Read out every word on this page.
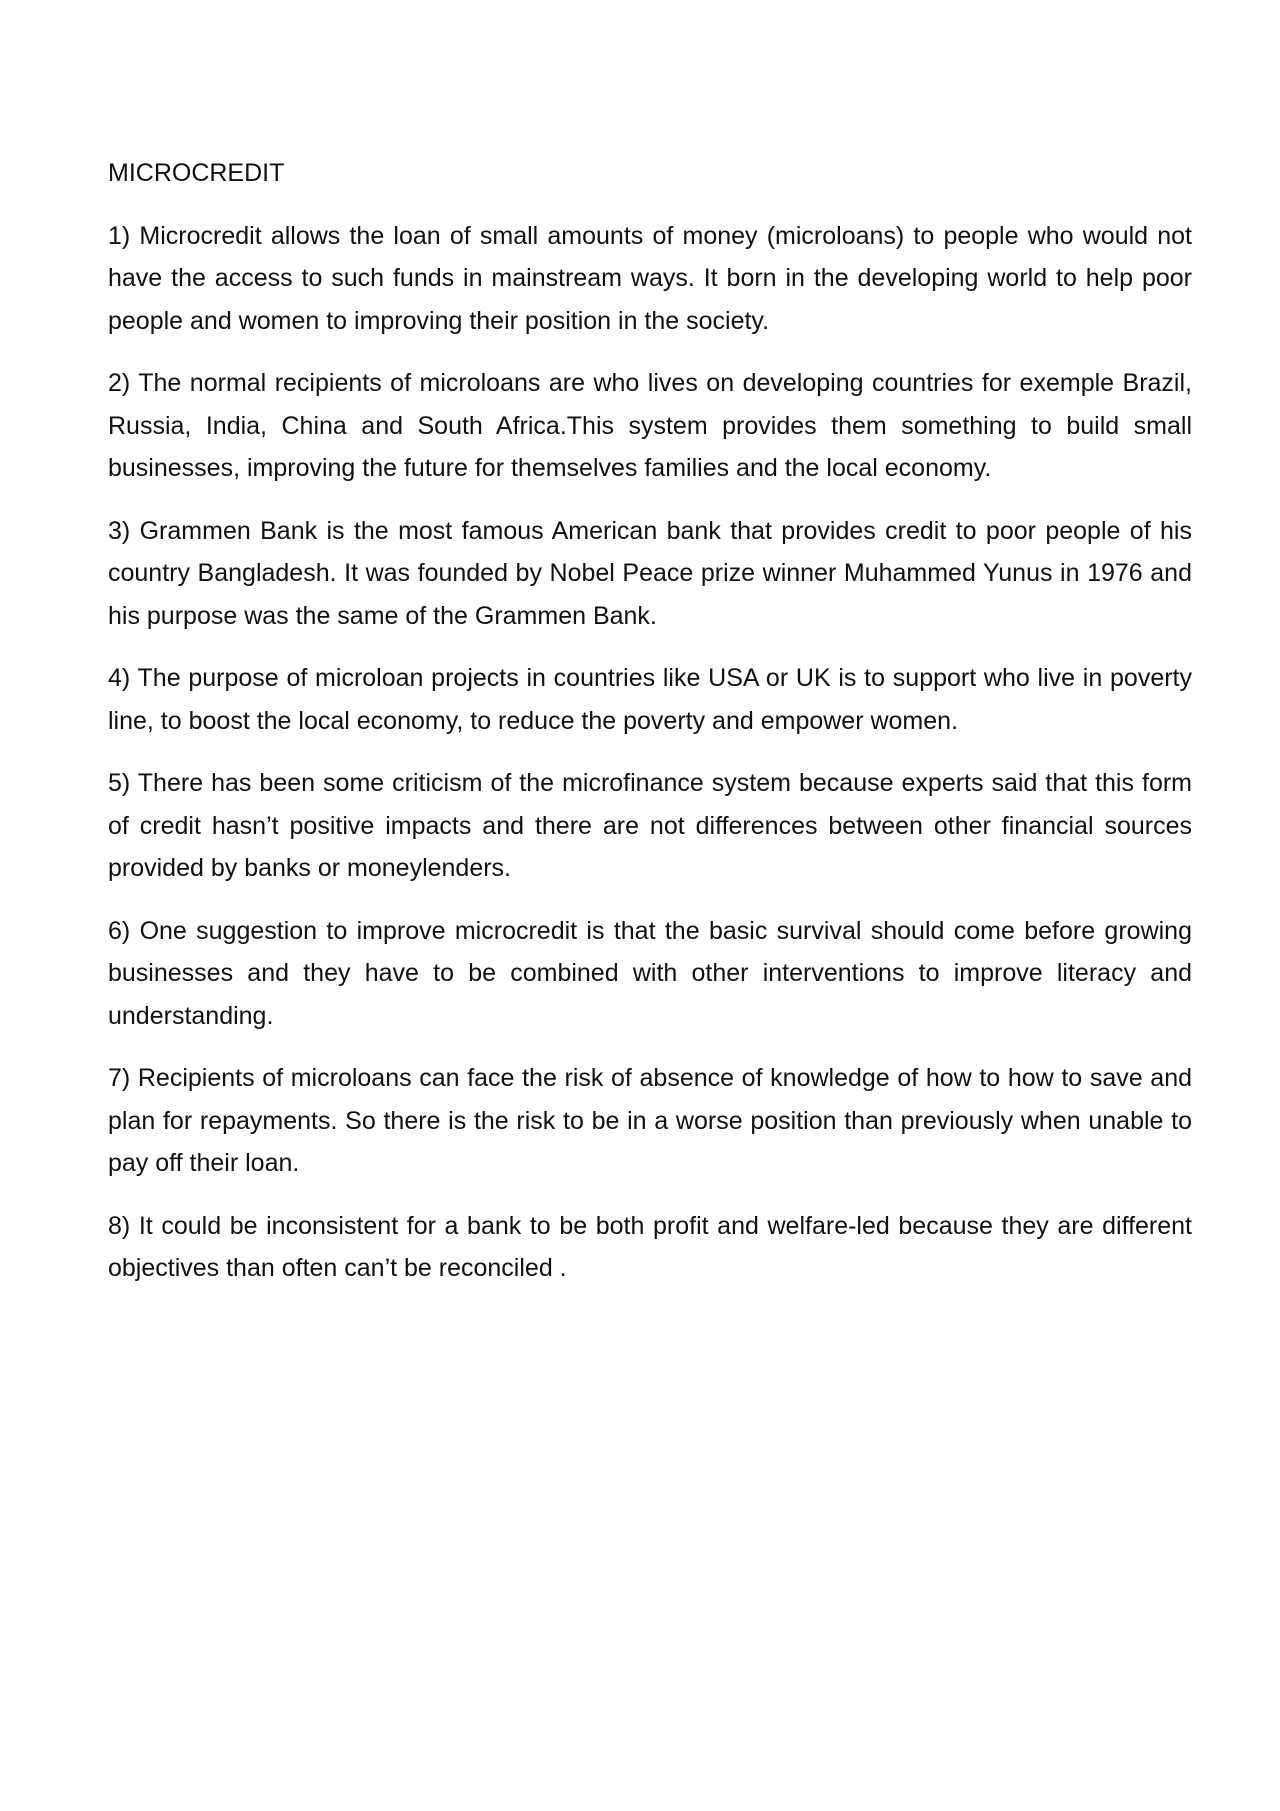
MICROCREDIT

1) Microcredit allows the loan of small amounts of money (microloans) to people who would not have the access to such funds in mainstream ways. It born in the developing world to help poor people and women to improving their position in the society.

2) The normal recipients of microloans are who lives on developing countries for exemple Brazil, Russia, India, China and South Africa.This system provides them something to build small businesses, improving the future for themselves families and the local economy.

3) Grammen Bank is the most famous American bank that provides credit to poor people of his country Bangladesh. It was founded by Nobel Peace prize winner Muhammed Yunus in 1976 and his purpose was the same of the Grammen Bank.

4) The purpose of microloan projects in countries like USA or UK is to support who live in poverty line, to boost the local economy, to reduce the poverty and empower women.

5) There has been some criticism of the microfinance system because experts said that this form of credit hasn’t positive impacts and there are not differences between other financial sources provided by banks or moneylenders.

6) One suggestion to improve microcredit is that the basic survival should come before growing businesses and they have to be combined with other interventions to improve literacy and understanding.

7) Recipients of microloans can face the risk of absence of knowledge of how to how to save and plan for repayments. So there is the risk to be in a worse position than previously when unable to pay off their loan.

8) It could be inconsistent for a bank to be both profit and welfare-led because they are different objectives than often can’t be reconciled .
